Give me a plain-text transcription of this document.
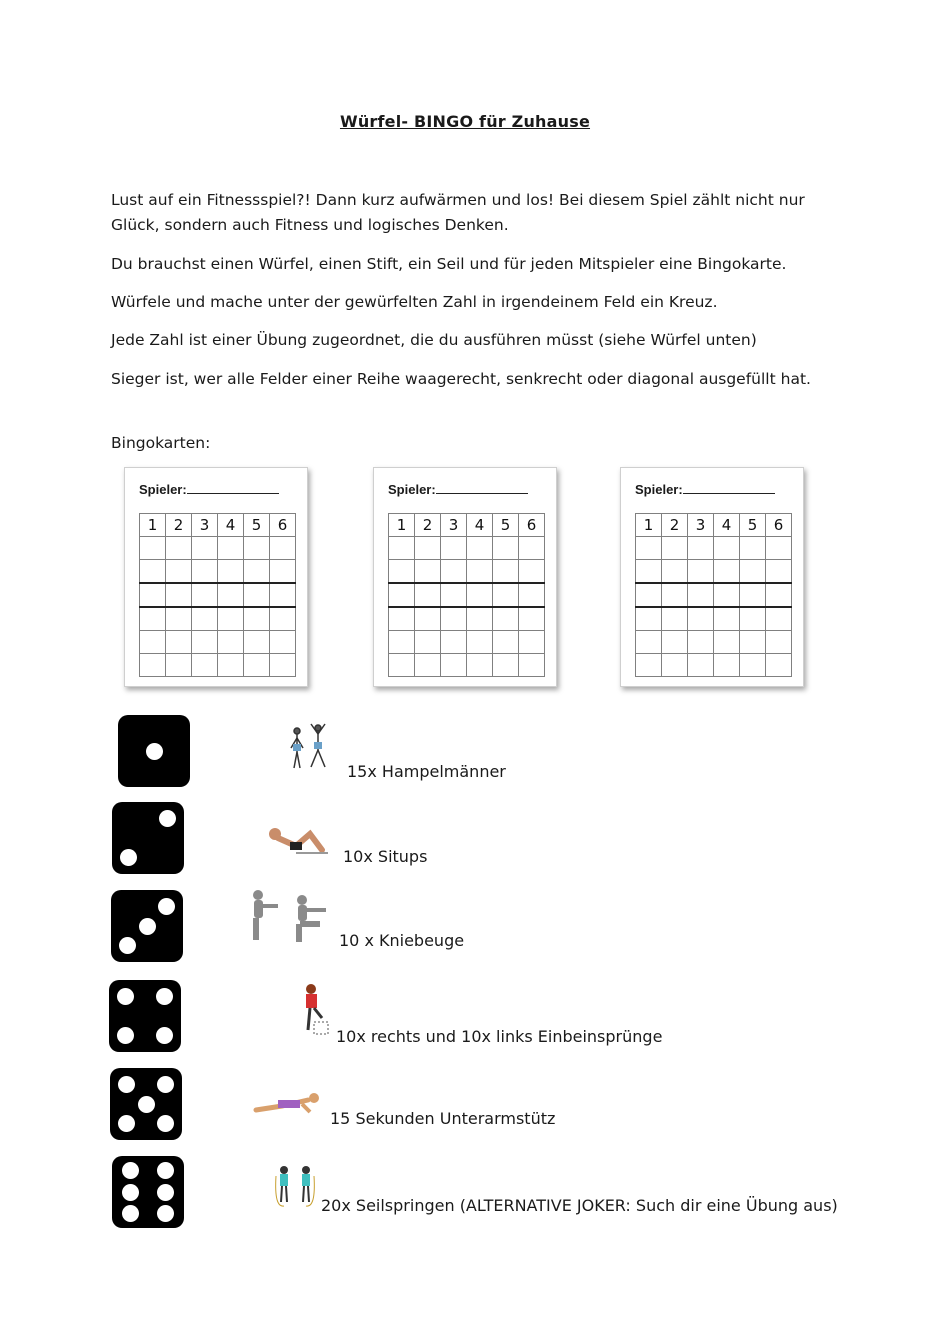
Würfel- BINGO für Zuhause

Lust auf ein Fitnessspiel?! Dann kurz aufwärmen und los! Bei diesem Spiel zählt nicht nur Glück, sondern auch Fitness und logisches Denken.

Du brauchst einen Würfel, einen Stift, ein Seil und für jeden Mitspieler eine Bingokarte.

Würfele und mache unter der gewürfelten Zahl in irgendeinem Feld ein Kreuz.

Jede Zahl ist einer Übung zugeordnet, die du ausführen müsst (siehe Würfel unten)

Sieger ist, wer alle Felder einer Reihe waagerecht, senkrecht oder diagonal ausgefüllt hat.

Bingokarten:

Spieler:
1	2	3	4	5	6

Spieler:
1	2	3	4	5	6

Spieler:
1	2	3	4	5	6

15x Hampelmänner
10x Situps
10 x Kniebeuge
10x rechts und 10x links Einbeinsprünge
15 Sekunden Unterarmstütz
20x Seilspringen (ALTERNATIVE JOKER: Such dir eine Übung aus)
